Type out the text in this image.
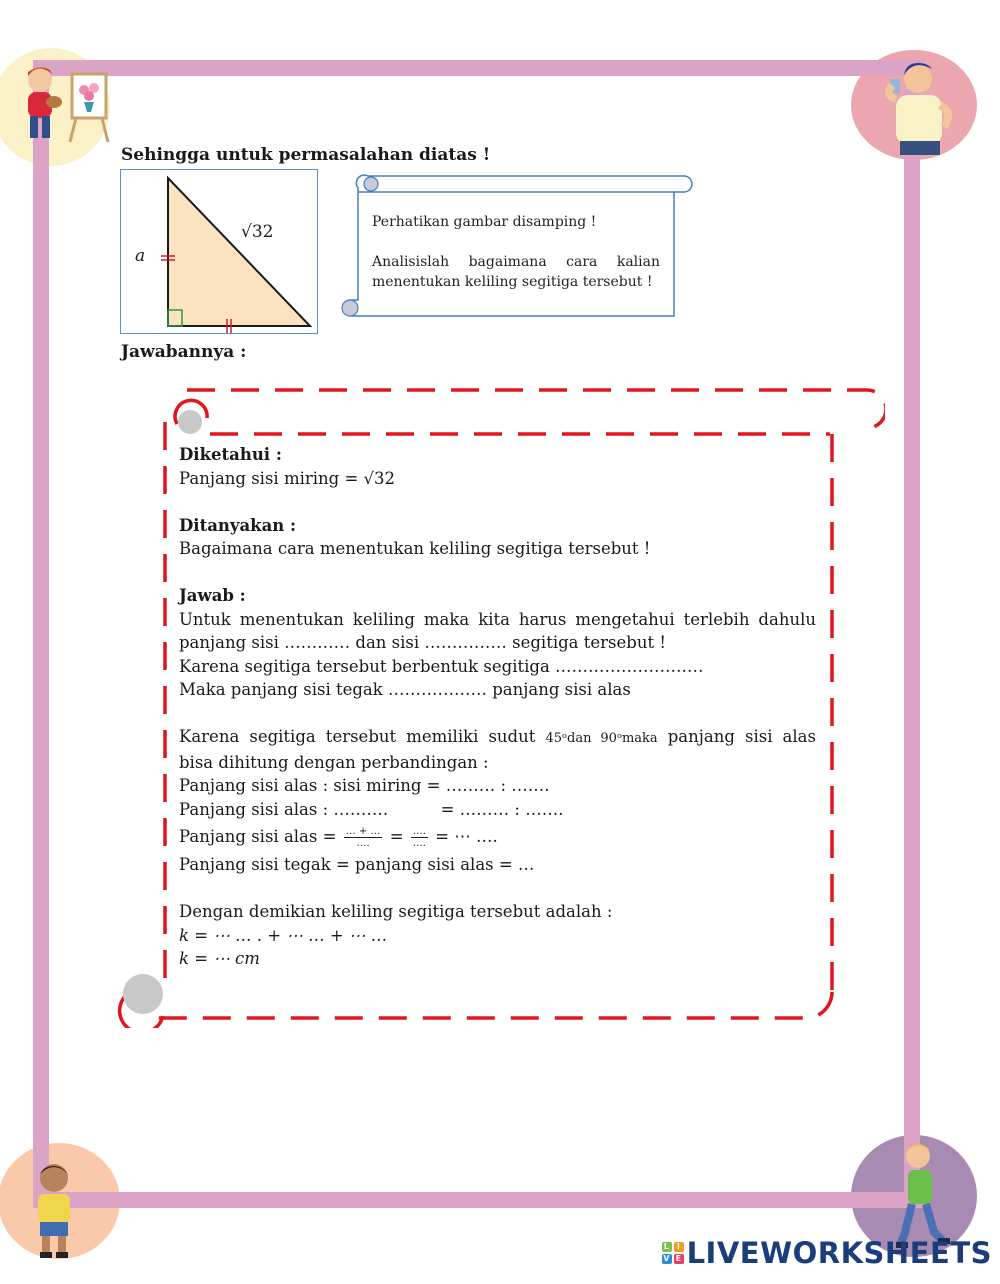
Sehingga untuk permasalahan diatas !
a
√32	Perhatikan gambar disamping !
Analisislah bagaimana cara kalian
menentukan keliling segitiga tersebut !
Jawabannya :
Diketahui :
Panjang sisi miring = √32
Ditanyakan :
Bagaimana cara menentukan keliling segitiga tersebut !
Jawab :
Untuk menentukan keliling maka kita harus mengetahui terlebih dahulu
panjang sisi ………… dan sisi …………… segitiga tersebut !
Karena segitiga tersebut berbentuk segitiga ………………………
Maka panjang sisi tegak ……………… panjang sisi alas
Karena segitiga tersebut memiliki sudut 45ᵒdan 90ᵒmaka panjang sisi alas
bisa dihitung dengan perbandingan :
Panjang sisi alas : sisi miring = ……… : …….
Panjang sisi alas : ……….          = ……… : …….
Panjang sisi alas = $\frac{\dots + \dots}{\dots.} = \frac{\dots.}{\dots.}$ = ⋯ ….
Panjang sisi tegak = panjang sisi alas = …
Dengan demikian keliling segitiga tersebut adalah :
k = ⋯ … . + ⋯ … + ⋯ …
k = ⋯ cm
L I
V E LIVEWORKSHEETS
